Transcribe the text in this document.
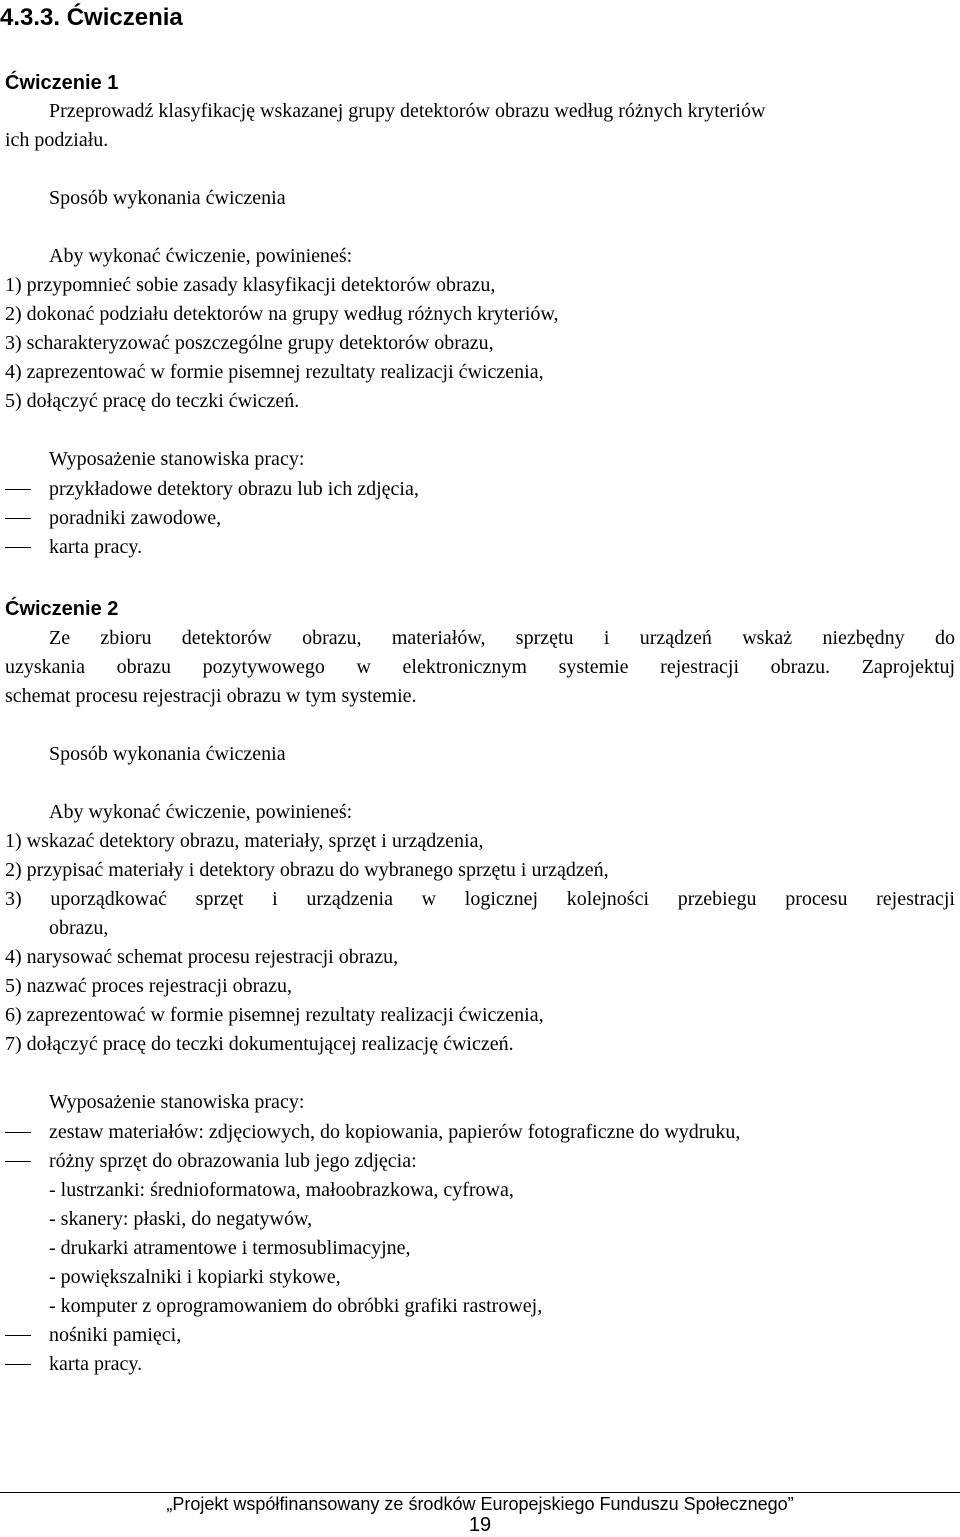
4.3.3. Ćwiczenia
Ćwiczenie 1
Przeprowadź klasyfikację wskazanej grupy detektorów obrazu według różnych kryteriów
ich podziału.
Sposób wykonania ćwiczenia
Aby wykonać ćwiczenie, powinieneś:
1) przypomnieć sobie zasady klasyfikacji detektorów obrazu,
2) dokonać podziału detektorów na grupy według różnych kryteriów,
3) scharakteryzować poszczególne grupy detektorów obrazu,
4) zaprezentować w formie pisemnej rezultaty realizacji ćwiczenia,
5) dołączyć pracę do teczki ćwiczeń.
Wyposażenie stanowiska pracy:
przykładowe detektory obrazu lub ich zdjęcia,
poradniki zawodowe,
karta pracy.
Ćwiczenie 2
Ze zbioru detektorów obrazu, materiałów, sprzętu i urządzeń wskaż niezbędny do
uzyskania obrazu pozytywowego w elektronicznym systemie rejestracji obrazu. Zaprojektuj
schemat procesu rejestracji obrazu w tym systemie.
Sposób wykonania ćwiczenia
Aby wykonać ćwiczenie, powinieneś:
1) wskazać detektory obrazu, materiały, sprzęt i urządzenia,
2) przypisać materiały i detektory obrazu do wybranego sprzętu i urządzeń,
3) uporządkować sprzęt i urządzenia w logicznej kolejności przebiegu procesu rejestracji
obrazu,
4) narysować schemat procesu rejestracji obrazu,
5) nazwać proces rejestracji obrazu,
6) zaprezentować w formie pisemnej rezultaty realizacji ćwiczenia,
7) dołączyć pracę do teczki dokumentującej realizację ćwiczeń.
Wyposażenie stanowiska pracy:
zestaw materiałów: zdjęciowych, do kopiowania, papierów fotograficzne do wydruku,
różny sprzęt do obrazowania lub jego zdjęcia:
- lustrzanki: średnioformatowa, małoobrazkowa, cyfrowa,
- skanery: płaski, do negatywów,
- drukarki atramentowe i termosublimacyjne,
- powiększalniki i kopiarki stykowe,
- komputer z oprogramowaniem do obróbki grafiki rastrowej,
nośniki pamięci,
karta pracy.
„Projekt współfinansowany ze środków Europejskiego Funduszu Społecznego”
19
